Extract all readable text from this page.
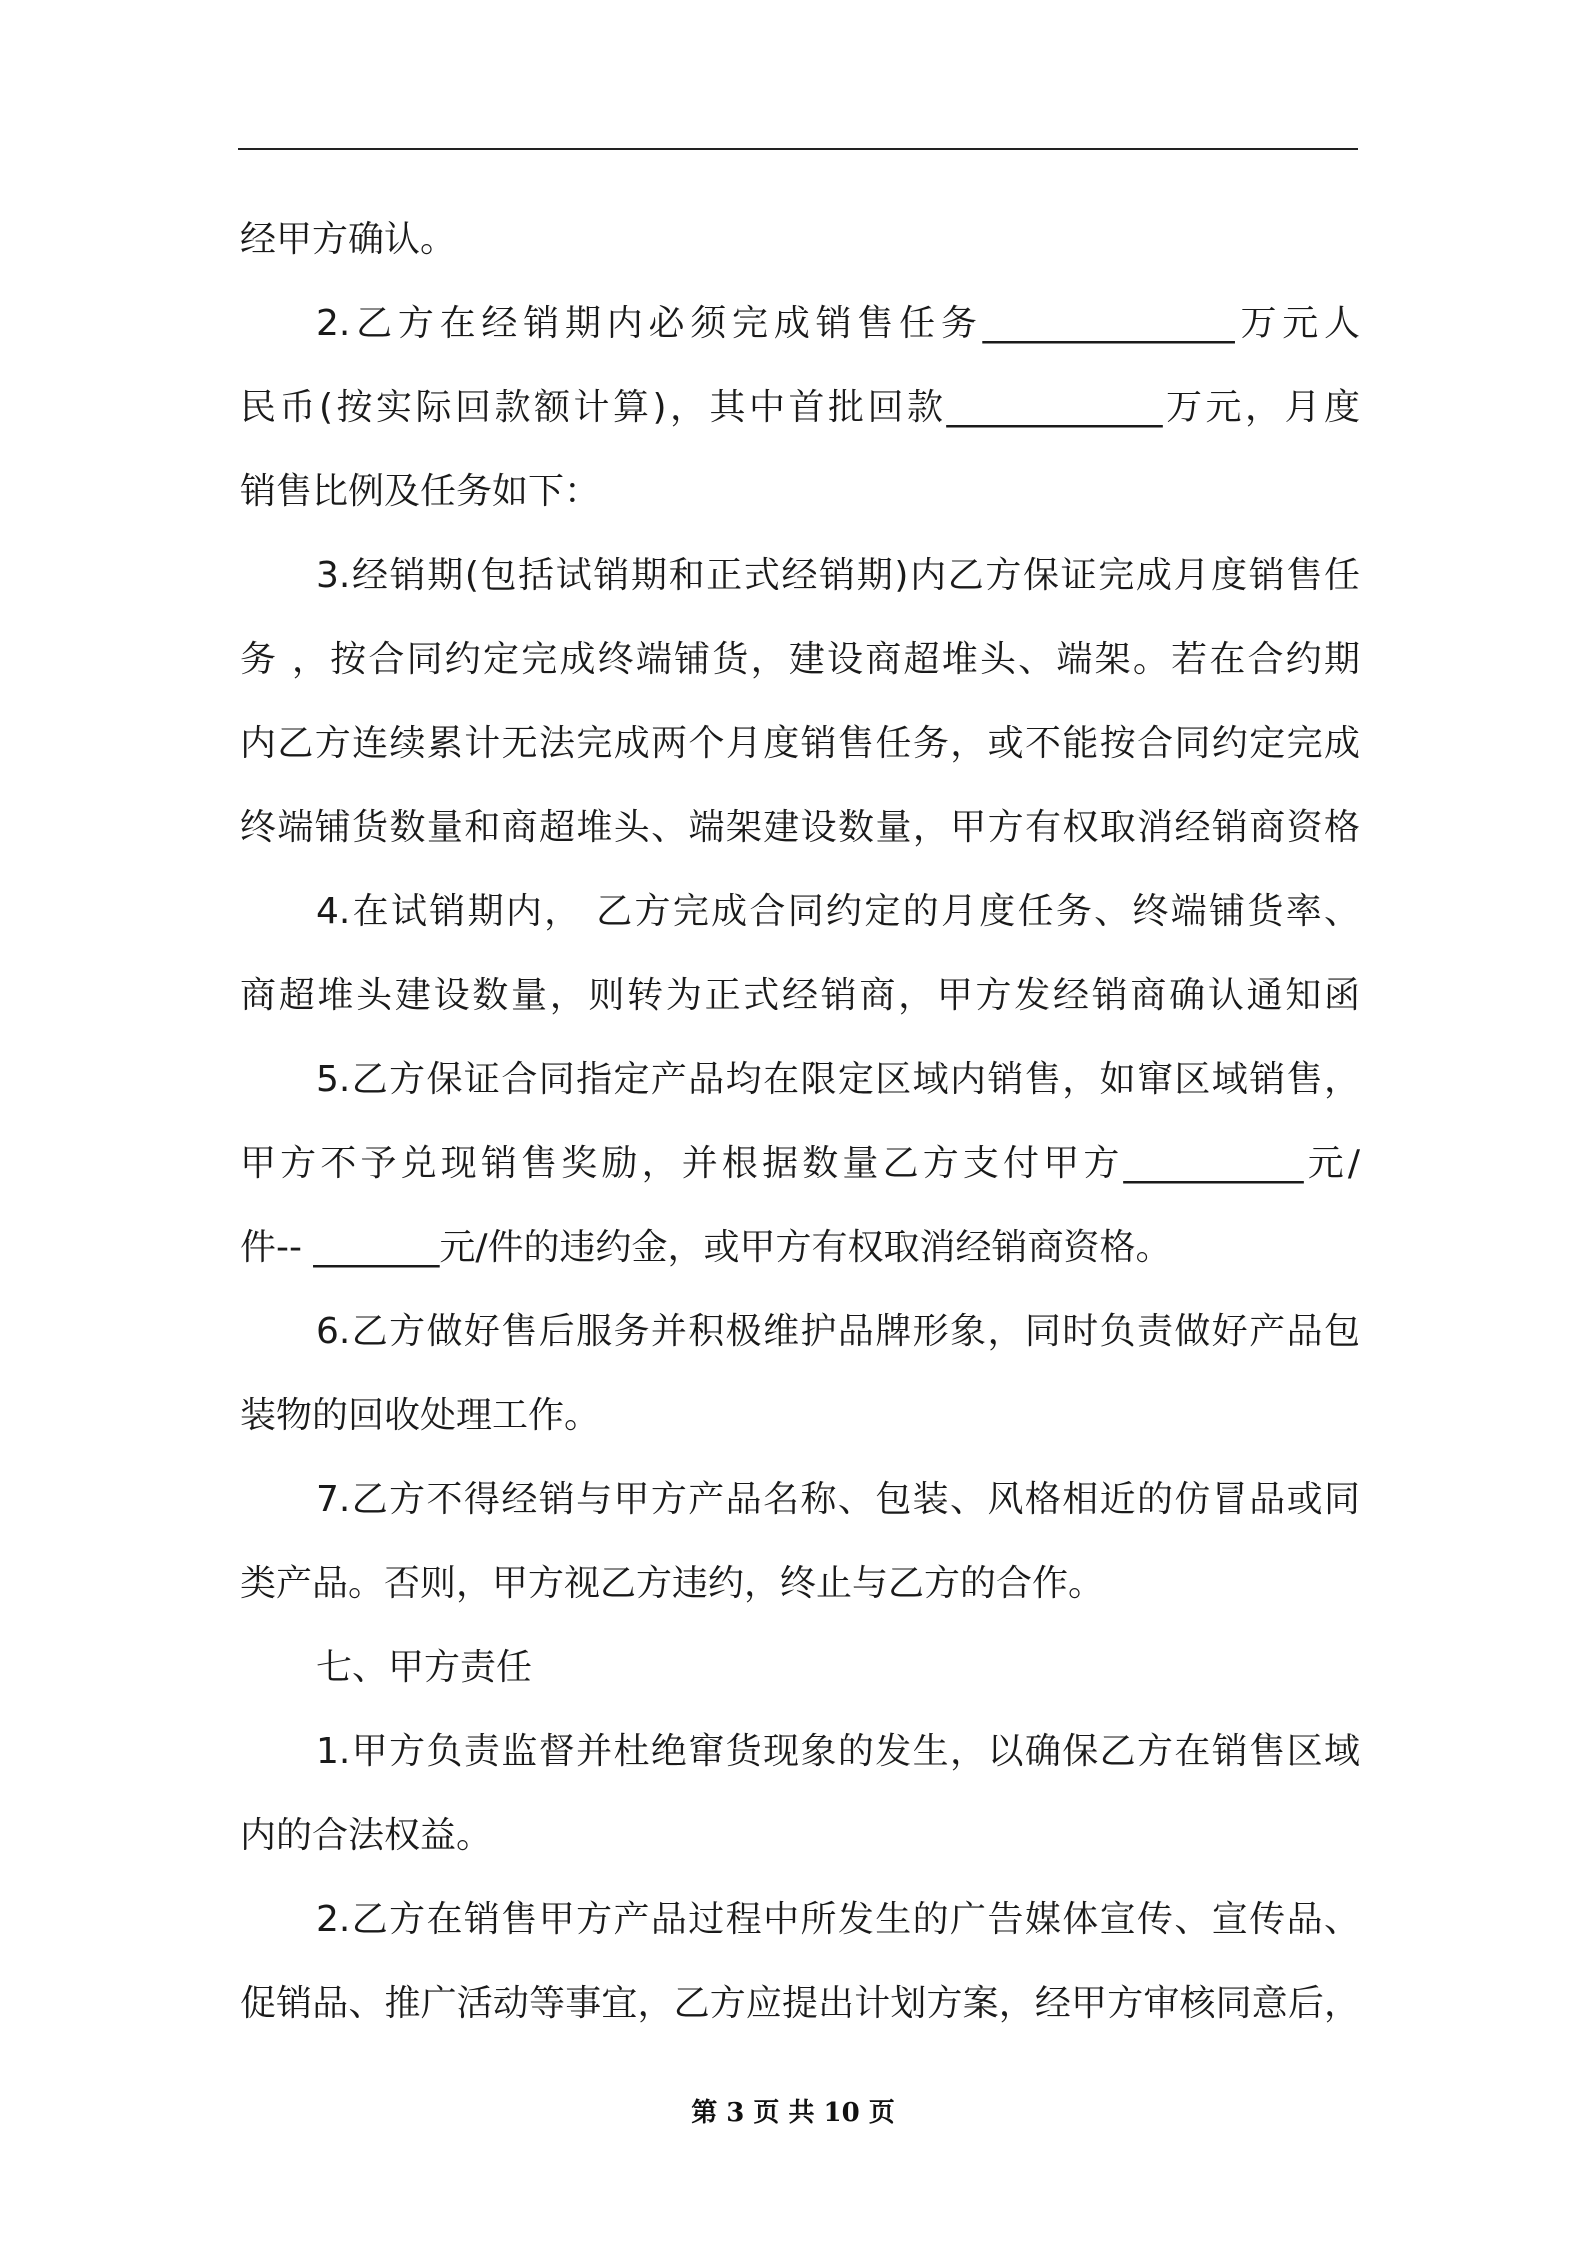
经甲方确认。
2.乙方在经销期内必须完成销售任务______________万元人
民币(按实际回款额计算)，其中首批回款____________万元，月度
销售比例及任务如下：
3.经销期(包括试销期和正式经销期)内乙方保证完成月度销售任
务 ，按合同约定完成终端铺货，建设商超堆头、端架。若在合约期
内乙方连续累计无法完成两个月度销售任务，或不能按合同约定完成
终端铺货数量和商超堆头、端架建设数量，甲方有权取消经销商资格
4.在试销期内， 乙方完成合同约定的月度任务、终端铺货率、
商超堆头建设数量，则转为正式经销商，甲方发经销商确认通知函
5.乙方保证合同指定产品均在限定区域内销售，如窜区域销售，
甲方不予兑现销售奖励，并根据数量乙方支付甲方__________元/
件-- _______元/件的违约金，或甲方有权取消经销商资格。
6.乙方做好售后服务并积极维护品牌形象，同时负责做好产品包
装物的回收处理工作。
7.乙方不得经销与甲方产品名称、包装、风格相近的仿冒品或同
类产品。否则，甲方视乙方违约，终止与乙方的合作。
七、甲方责任
1.甲方负责监督并杜绝窜货现象的发生，以确保乙方在销售区域
内的合法权益。
2.乙方在销售甲方产品过程中所发生的广告媒体宣传、宣传品、
促销品、推广活动等事宜，乙方应提出计划方案，经甲方审核同意后，
第 3 页 共 10 页
